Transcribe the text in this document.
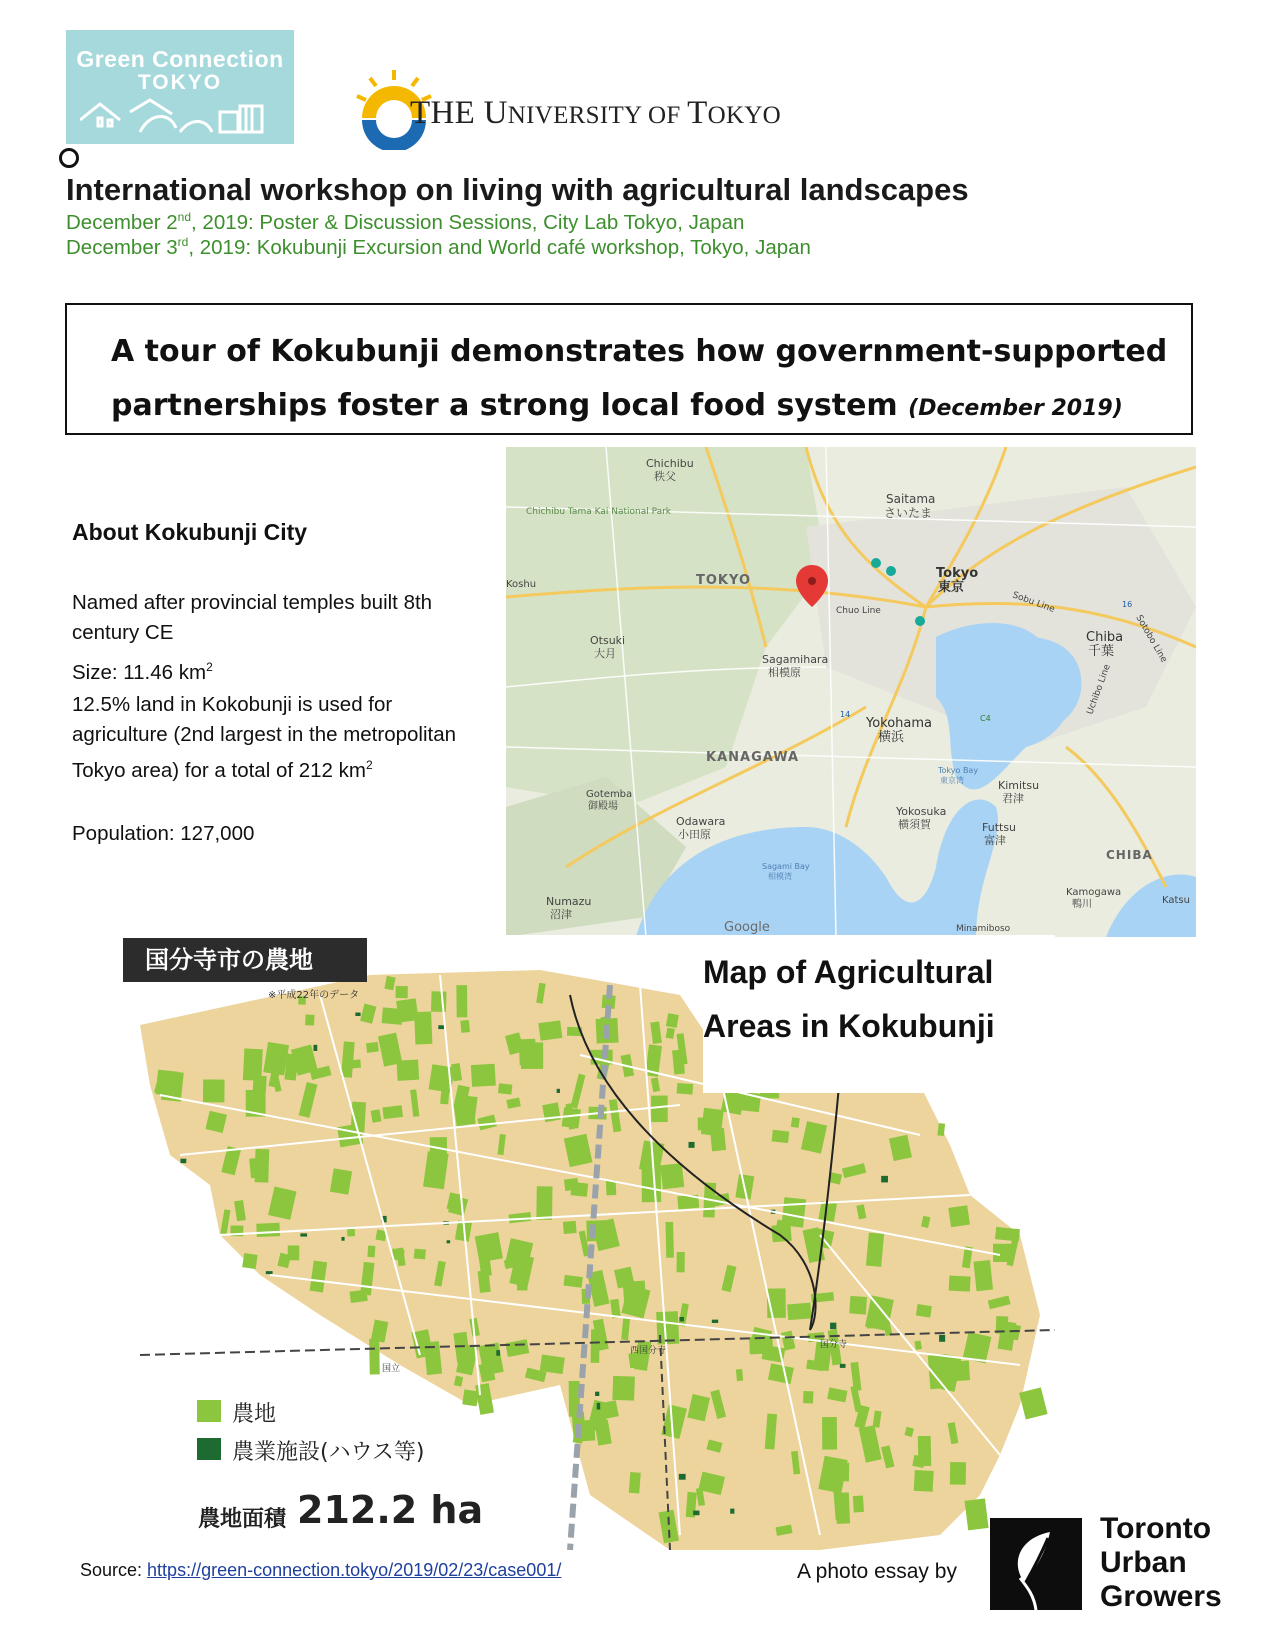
Green Connection
TOKYO
THE UNIVERSITY OF TOKYO
International workshop on living with agricultural landscapes
December 2nd, 2019: Poster & Discussion Sessions, City Lab Tokyo, Japan
December 3rd, 2019: Kokubunji Excursion and World café workshop, Tokyo, Japan
A tour of Kokubunji demonstrates how government-supported partnerships foster a strong local food system (December 2019)
About Kokubunji City
Named after provincial temples built 8th century CE
Size: 11.46 $km^2$
12.5% land in Kokobunji is used for agriculture (2nd largest in the metropolitan Tokyo area) for a total of 212 $km^2$
Population: 127,000
Chichibu
秩父
Chichibu Tama Kai National Park
Saitama
さいたま
TOKYO	Tokyo
東京
Chuo Line
Otsuki
大月	Sagamihara
相模原
Chiba
千葉
Yokohama
横浜
KANAGAWA
Tokyo Bay
東京湾	Kimitsu
君津
Gotemba
御殿場
Odawara
小田原
Yokosuka
横須賀	Futtsu
富津
Sagami Bay
相模湾
CHIBA
Kamogawa
鴨川
Numazu
沼津
Google	Minamiboso
Katsu
Koshu
Sobu Line
Uchibo Line
Sotobo Line
16
14	C4
国分寺
西国分寺
国立
国分寺市の農地
※平成22年のデータ
Map of Agricultural
Areas in Kokubunji
農地
農業施設(ハウス等)
農地面積 212.2 ha
Source: https://green-connection.tokyo/2019/02/23/case001/	A photo essay by
Toronto
Urban
Growers
